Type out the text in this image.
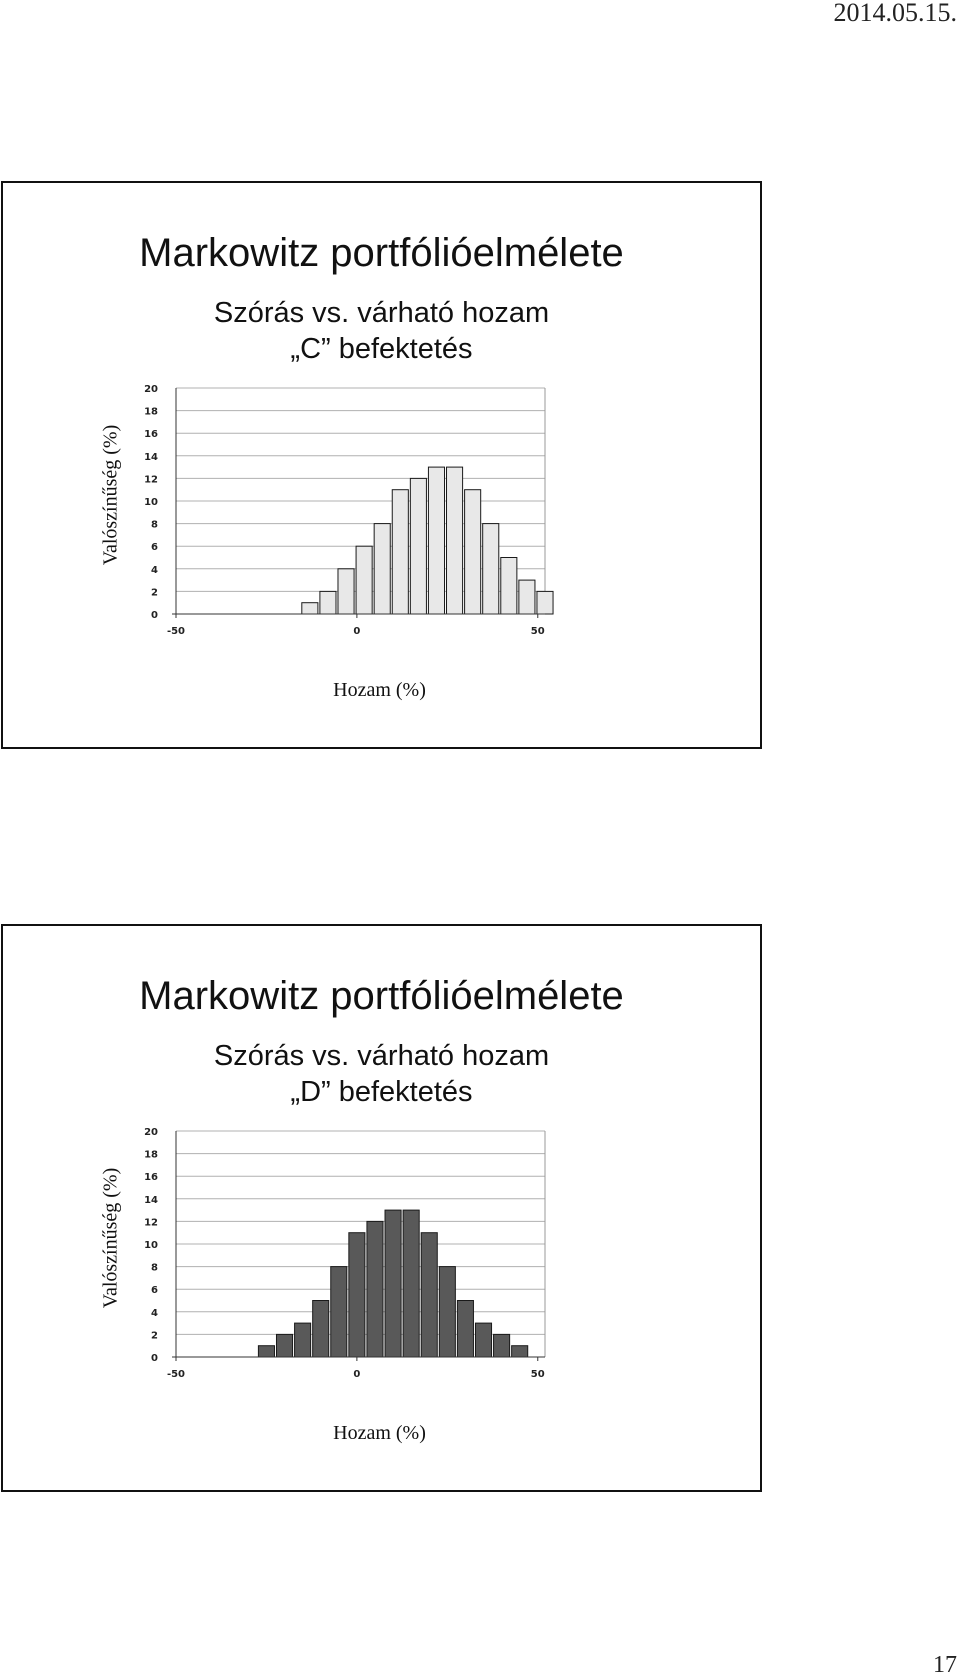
2014.05.15.
Markowitz portfólióelmélete
Szórás vs. várható hozam
„C” befektetés
Valószínűség (%)
0
2
4
6
8
10
12
14
16
18
20
-50	0	50
Hozam (%)
Markowitz portfólióelmélete
Szórás vs. várható hozam
„D” befektetés
Valószínűség (%)
0
2
4
6
8
10
12
14
16
18
20
-50	0	50
Hozam (%)
17
